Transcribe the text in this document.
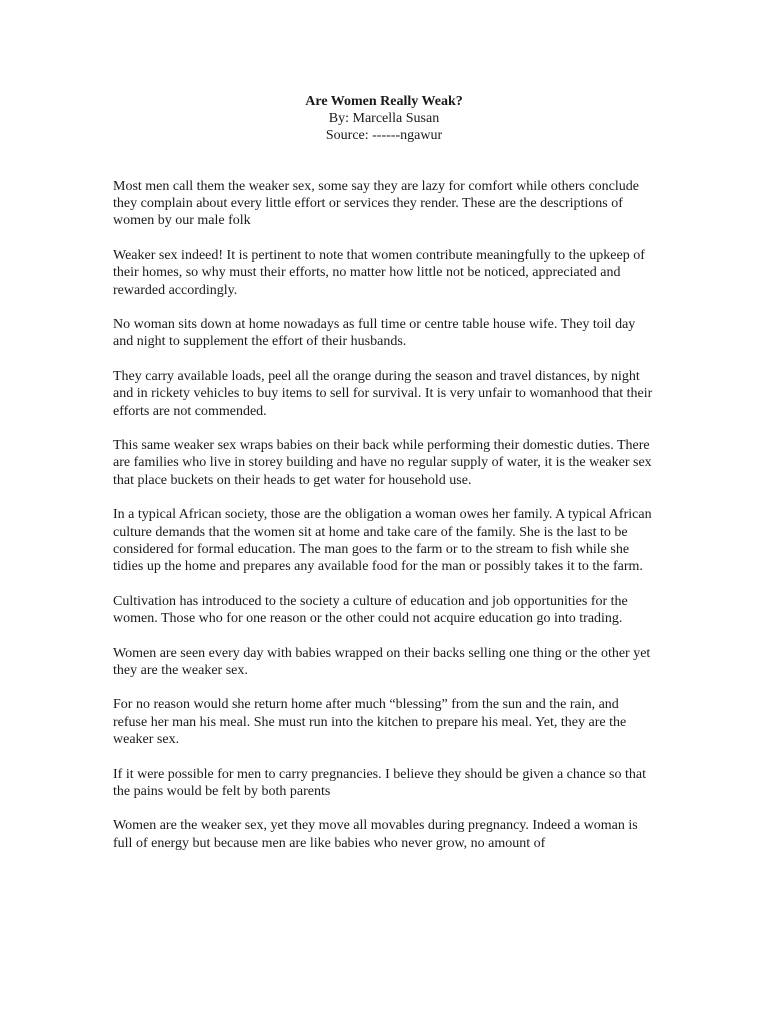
Are Women Really Weak?
By: Marcella Susan
Source: ------ngawur

Most men call them the weaker sex, some say they are lazy for comfort while others conclude they complain about every little effort or services they render. These are the descriptions of women by our male folk

Weaker sex indeed! It is pertinent to note that women contribute meaningfully to the upkeep of their homes, so why must their efforts, no matter how little not be noticed, appreciated and rewarded accordingly.

No woman sits down at home nowadays as full time or centre table house wife. They toil day and night to supplement the effort of their husbands.

They carry available loads, peel all the orange during the season and travel distances, by night and in rickety vehicles to buy items to sell for survival. It is very unfair to womanhood that their efforts are not commended.

This same weaker sex wraps babies on their back while performing their domestic duties. There are families who live in storey building and have no regular supply of water, it is the weaker sex that place buckets on their heads to get water for household use.

In a typical African society, those are the obligation a woman owes her family. A typical African culture demands that the women sit at home and take care of the family. She is the last to be considered for formal education. The man goes to the farm or to the stream to fish while she tidies up the home and prepares any available food for the man or possibly takes it to the farm.

Cultivation has introduced to the society a culture of education and job opportunities for the women. Those who for one reason or the other could not acquire education go into trading.

Women are seen every day with babies wrapped on their backs selling one thing or the other yet they are the weaker sex.

For no reason would she return home after much “blessing” from the sun and the rain, and refuse her man his meal. She must run into the kitchen to prepare his meal. Yet, they are the weaker sex.

If it were possible for men to carry pregnancies. I believe they should be given a chance so that the pains would be felt by both parents

Women are the weaker sex, yet they move all movables during pregnancy. Indeed a woman is full of energy but because men are like babies who never grow, no amount of
